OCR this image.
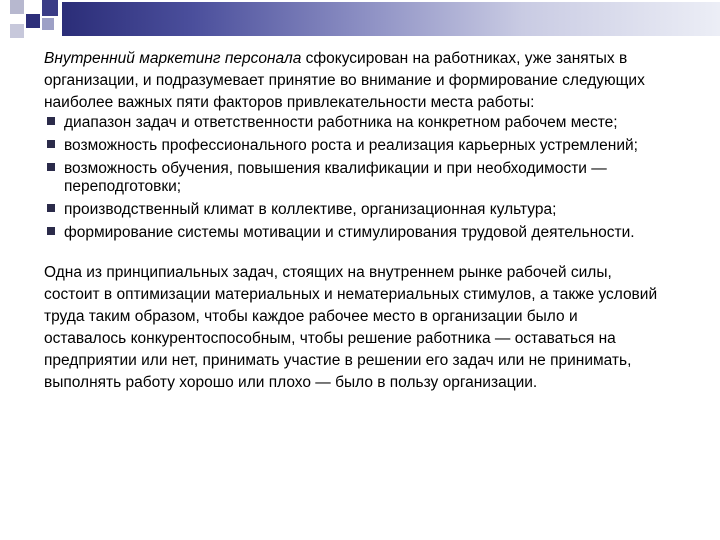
Внутренний маркетинг персонала сфокусирован на работниках, уже занятых в организации, и подразумевает принятие во внимание и формирование следующих наиболее важных пяти факторов привлекательности места работы:

диапазон задач и ответственности работника на конкретном рабочем месте;
возможность профессионального роста и реализация карьерных устремлений;
возможность обучения, повышения квалификации и при необходимости — переподготовки;
производственный климат в коллективе, организационная культура;
формирование системы мотивации и стимулирования трудовой деятельности.

Одна из принципиальных задач, стоящих на внутреннем рынке рабочей силы, состоит в оптимизации материальных и нематериальных стимулов, а также условий труда таким образом, чтобы каждое рабочее место в организации было и оставалось конкурентоспособным, чтобы решение работника — оставаться на предприятии или нет, принимать участие в решении его задач или не принимать, выполнять работу хорошо или плохо — было в пользу организации.
